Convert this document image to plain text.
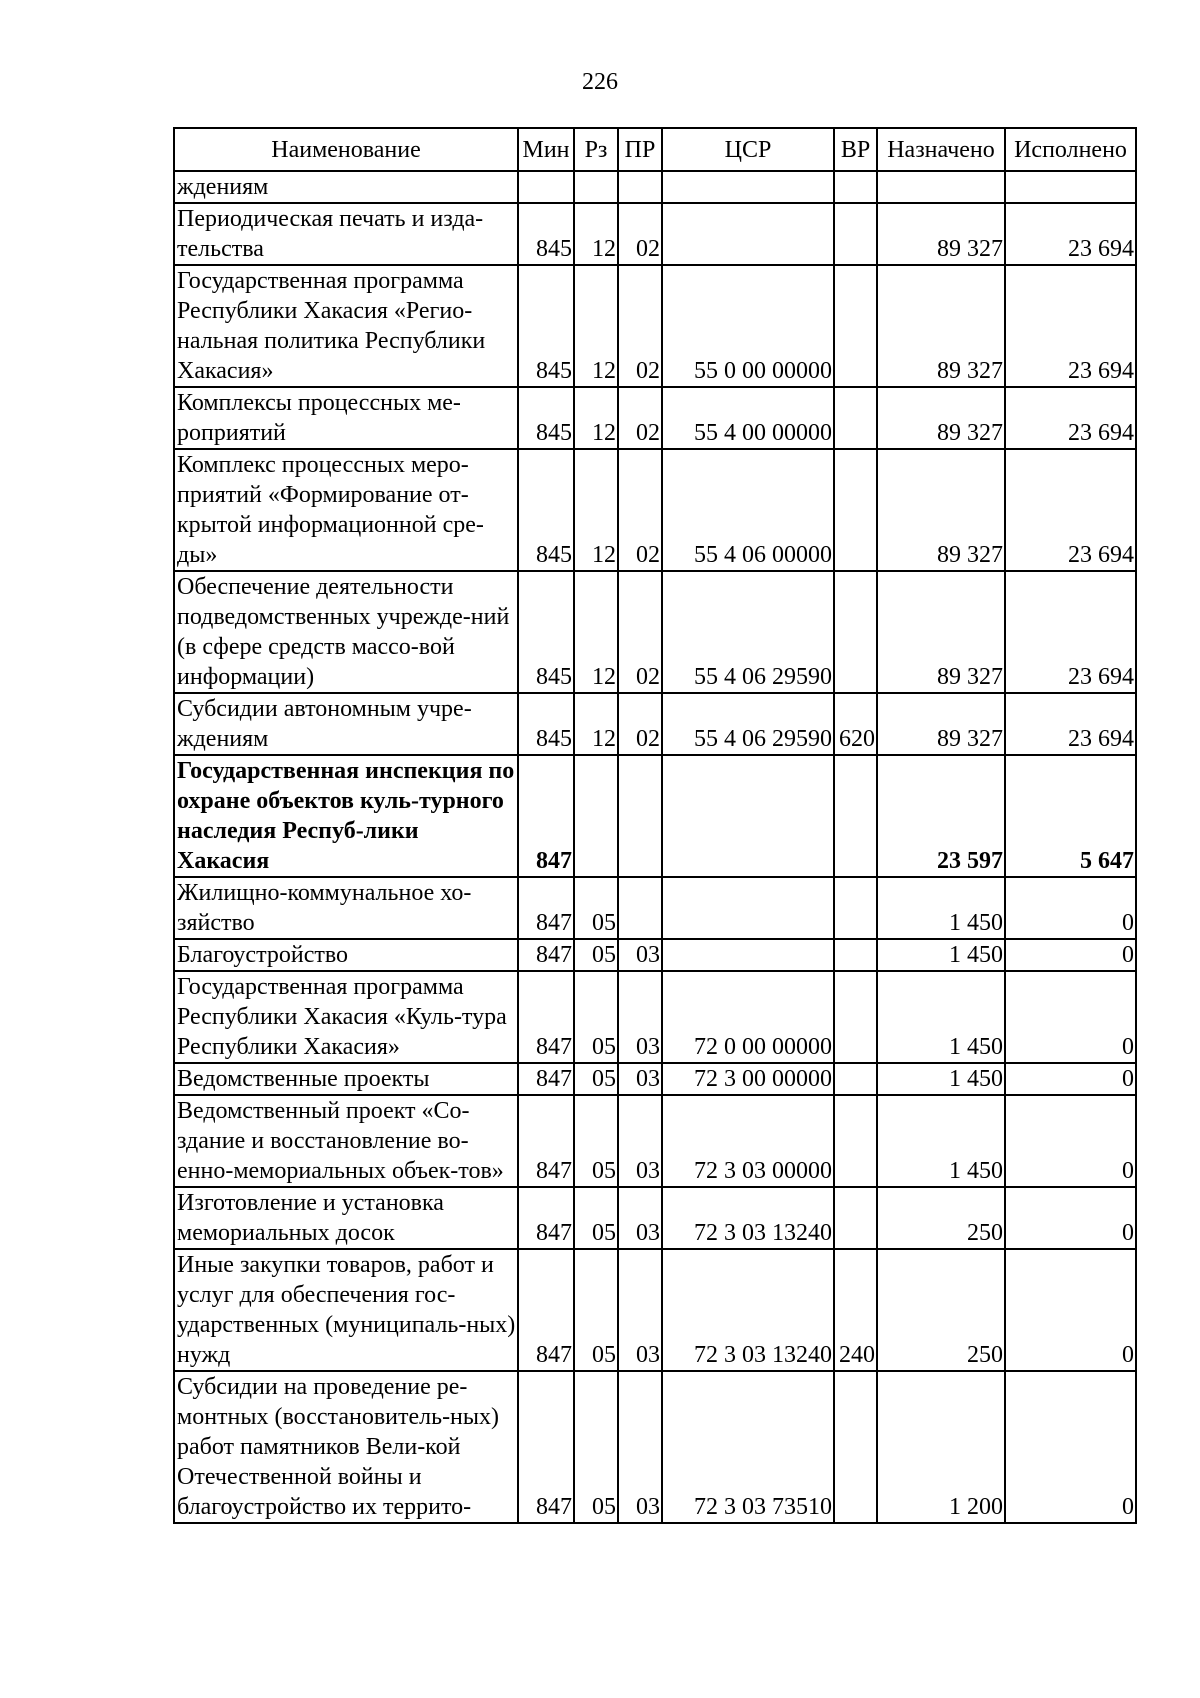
226
Наименование	Мин	Рз	ПР	ЦСР	ВР	Назначено	Исполнено
ждениям							
Периодическая печать и изда-тельства	845	12	02			89 327	23 694
Государственная программа Республики Хакасия «Регио-нальная политика Республики Хакасия»	845	12	02	55 0 00 00000		89 327	23 694
Комплексы процессных ме-роприятий	845	12	02	55 4 00 00000		89 327	23 694
Комплекс процессных меро-приятий «Формирование от-крытой информационной сре-ды»	845	12	02	55 4 06 00000		89 327	23 694
Обеспечение деятельности подведомственных учрежде-ний (в сфере средств массо-вой информации)	845	12	02	55 4 06 29590		89 327	23 694
Субсидии автономным учре-ждениям	845	12	02	55 4 06 29590	620	89 327	23 694
Государственная инспекция по охране объектов куль-турного наследия Респуб-лики Хакасия	847					23 597	5 647
Жилищно-коммунальное хо-зяйство	847	05				1 450	0
Благоустройство	847	05	03			1 450	0
Государственная программа Республики Хакасия «Куль-тура Республики Хакасия»	847	05	03	72 0 00 00000		1 450	0
Ведомственные проекты	847	05	03	72 3 00 00000		1 450	0
Ведомственный проект «Со-здание и восстановление во-енно-мемориальных объек-тов»	847	05	03	72 3 03 00000		1 450	0
Изготовление и установка мемориальных досок	847	05	03	72 3 03 13240		250	0
Иные закупки товаров, работ и услуг для обеспечения гос-ударственных (муниципаль-ных) нужд	847	05	03	72 3 03 13240	240	250	0
Субсидии на проведение ре-монтных (восстановитель-ных) работ памятников Вели-кой Отечественной войны и благоустройство их террито-	847	05	03	72 3 03 73510		1 200	0
